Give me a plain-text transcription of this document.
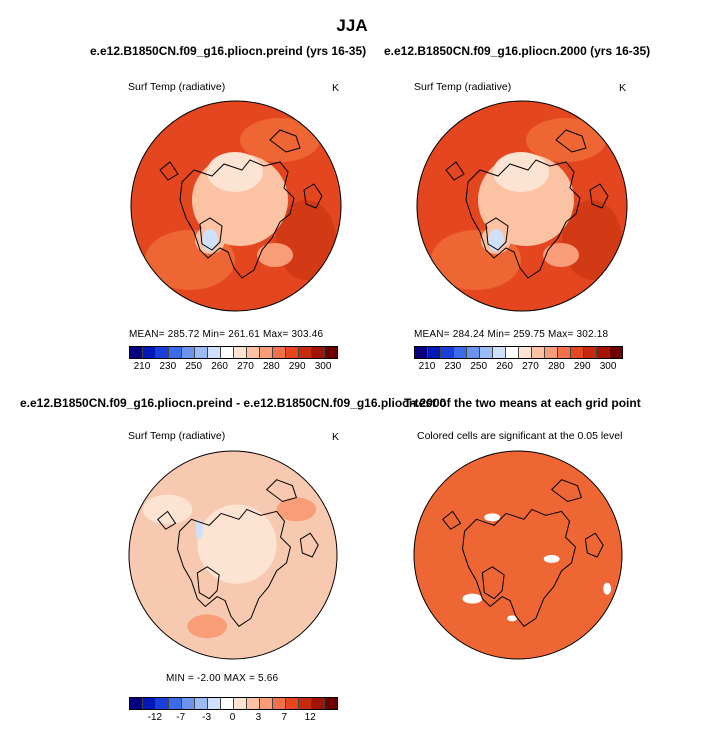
JJA
e.e12.B1850CN.f09_g16.pliocn.preind (yrs 16-35)
Surf Temp (radiative)	K
MEAN= 285.72 Min= 261.61 Max= 303.46
210 230 250 260 270 280 290 300
e.e12.B1850CN.f09_g16.pliocn.2000 (yrs 16-35)
Surf Temp (radiative)	K
MEAN= 284.24 Min= 259.75 Max= 302.18
210 230 250 260 270 280 290 300
e.e12.B1850CN.f09_g16.pliocn.preind - e.e12.B1850CN.f09_g16.pliocn.2000
Surf Temp (radiative)	K
MIN = -2.00 MAX = 5.66
-12 -7 -3 0 3 7 12
T-test of the two means at each grid point
Colored cells are significant at the 0.05 level
